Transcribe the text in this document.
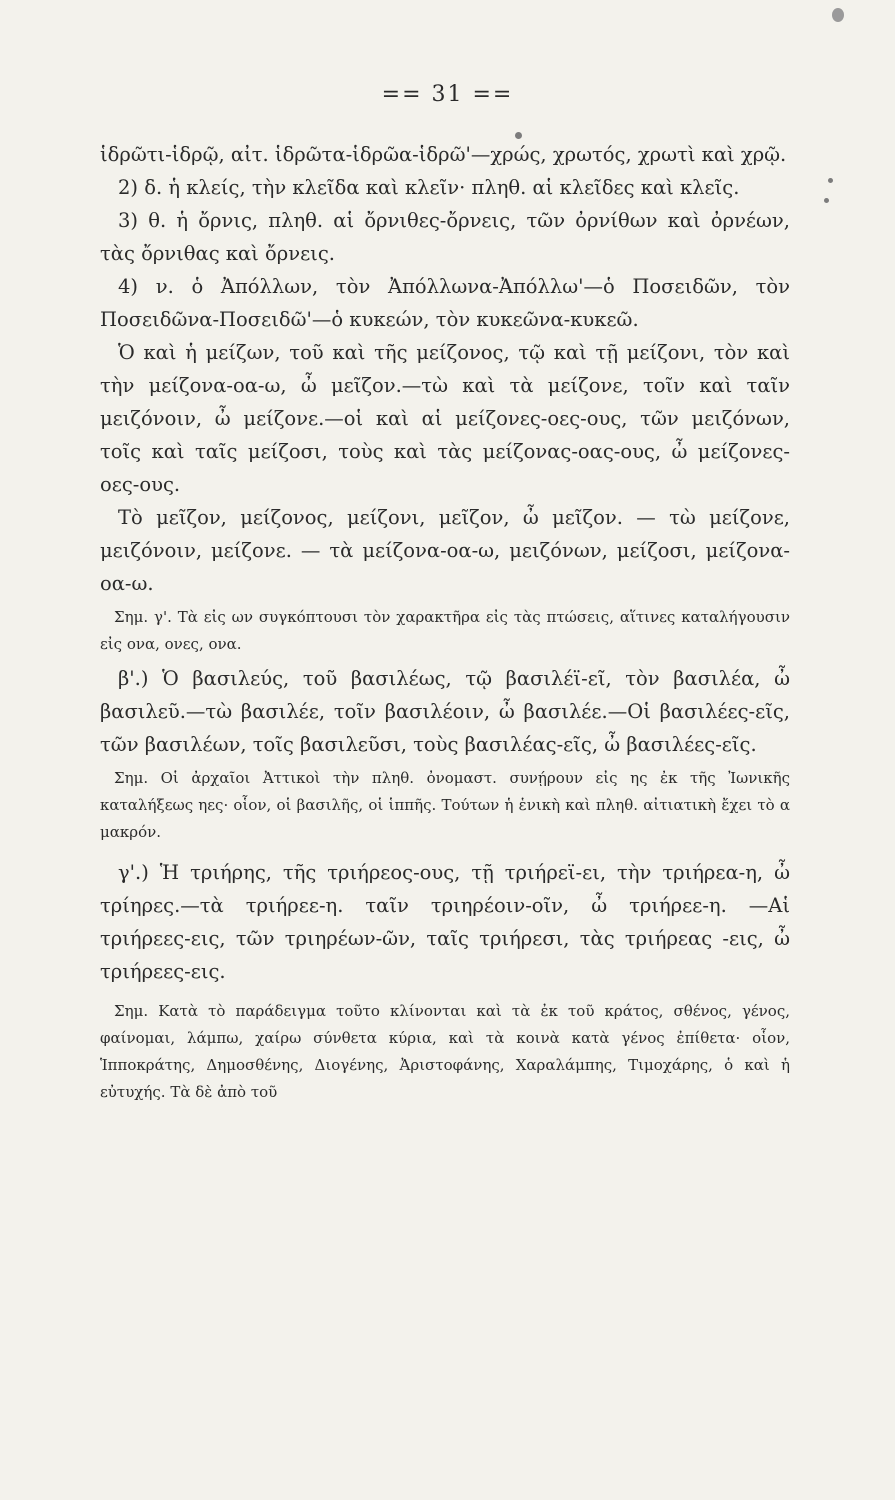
== 31 ==

ἱδρῶτι-ἱδρῷ, αἰτ. ἱδρῶτα-ἱδρῶα-ἱδρῶ'—χρώς, χρωτός, χρωτὶ καὶ χρῷ.

2) δ. ἡ κλείς, τὴν κλεῖδα καὶ κλεῖν· πληθ. αἱ κλεῖδες καὶ κλεῖς.

3) θ. ἡ ὄρνις, πληθ. αἱ ὄρνιθες-ὄρνεις, τῶν ὀρνίθων καὶ ὀρνέων, τὰς ὄρνιθας καὶ ὄρνεις.

4) ν. ὁ Ἀπόλλων, τὸν Ἀπόλλωνα-Ἀπόλλω'—ὁ Ποσειδῶν, τὸν Ποσειδῶνα-Ποσειδῶ'—ὁ κυκεών, τὸν κυκεῶνα-κυκεῶ.

Ὁ καὶ ἡ μείζων, τοῦ καὶ τῆς μείζονος, τῷ καὶ τῇ μείζονι, τὸν καὶ τὴν μείζονα-οα-ω, ὦ μεῖζον.—τὼ καὶ τὰ μείζονε, τοῖν καὶ ταῖν μειζόνοιν, ὦ μείζονε.—οἱ καὶ αἱ μείζονες-οες-ους, τῶν μειζόνων, τοῖς καὶ ταῖς μείζοσι, τοὺς καὶ τὰς μείζονας-οας-ους, ὦ μείζονες-οες-ους.

Τὸ μεῖζον, μείζονος, μείζονι, μεῖζον, ὦ μεῖζον. — τὼ μείζονε, μειζόνοιν, μείζονε. — τὰ μείζονα-οα-ω, μειζόνων, μείζοσι, μείζονα-οα-ω.

Σημ. γ'. Τὰ εἰς ων συγκόπτουσι τὸν χαρακτῆρα εἰς τὰς πτώσεις, αἵτινες καταλήγουσιν εἰς ονα, ονες, ονα.

β'.) Ὁ βασιλεύς, τοῦ βασιλέως, τῷ βασιλέϊ-εῖ, τὸν βασιλέα, ὦ βασιλεῦ.—τὼ βασιλέε, τοῖν βασιλέοιν, ὦ βασιλέε.—Οἱ βασιλέες-εῖς, τῶν βασιλέων, τοῖς βασιλεῦσι, τοὺς βασιλέας-εῖς, ὦ βασιλέες-εῖς.

Σημ. Οἱ ἀρχαῖοι Ἀττικοὶ τὴν πληθ. ὀνομαστ. συνῄρουν εἰς ης ἐκ τῆς Ἰωνικῆς καταλήξεως ηες· οἷον, οἱ βασιλῆς, οἱ ἱππῆς. Τούτων ἡ ἑνικὴ καὶ πληθ. αἰτιατικὴ ἔχει τὸ α μακρόν.

γ'.) Ἡ τριήρης, τῆς τριήρεος-ους, τῇ τριήρεϊ-ει, τὴν τριήρεα-η, ὦ τρίηρες.—τὰ τριήρεε-η. ταῖν τριηρέοιν-οῖν, ὦ τριήρεε-η. —Αἱ τριήρεες-εις, τῶν τριηρέων-ῶν, ταῖς τριήρεσι, τὰς τριήρεας -εις, ὦ τριήρεες-εις.

Σημ. Κατὰ τὸ παράδειγμα τοῦτο κλίνονται καὶ τὰ ἐκ τοῦ κράτος, σθένος, γένος, φαίνομαι, λάμπω, χαίρω σύνθετα κύρια, καὶ τὰ κοινὰ κατὰ γένος ἐπίθετα· οἷον, Ἱπποκράτης, Δημοσθένης, Διογένης, Ἀριστοφάνης, Χαραλάμπης, Τιμοχάρης, ὁ καὶ ἡ εὐτυχής. Τὰ δὲ ἀπὸ τοῦ
